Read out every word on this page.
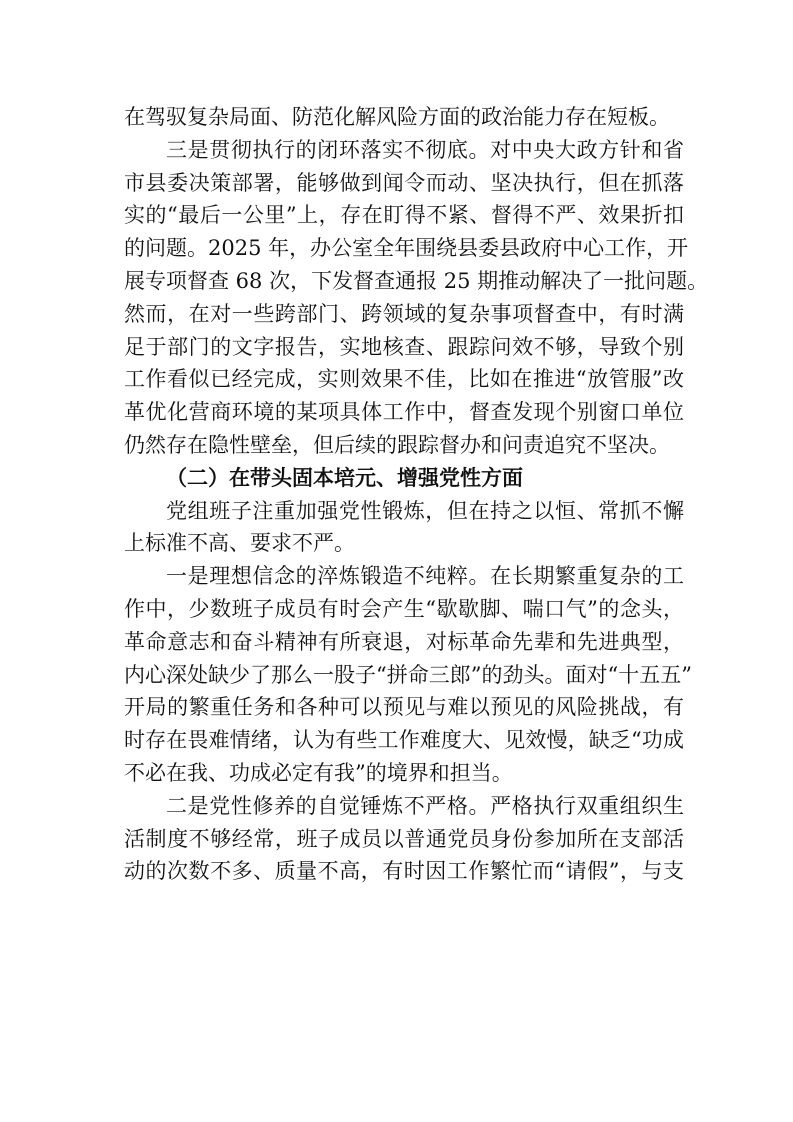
在驾驭复杂局面、防范化解风险方面的政治能力存在短板。
三是贯彻执行的闭环落实不彻底。对中央大政方针和省
市县委决策部署，能够做到闻令而动、坚决执行，但在抓落
实的“最后一公里”上，存在盯得不紧、督得不严、效果折扣
的问题。2025 年，办公室全年围绕县委县政府中心工作，开
展专项督查 68 次，下发督查通报 25 期推动解决了一批问题。
然而，在对一些跨部门、跨领域的复杂事项督查中，有时满
足于部门的文字报告，实地核查、跟踪问效不够，导致个别
工作看似已经完成，实则效果不佳，比如在推进“放管服”改
革优化营商环境的某项具体工作中，督查发现个别窗口单位
仍然存在隐性壁垒，但后续的跟踪督办和问责追究不坚决。
（二）在带头固本培元、增强党性方面
党组班子注重加强党性锻炼，但在持之以恒、常抓不懈
上标准不高、要求不严。
一是理想信念的淬炼锻造不纯粹。在长期繁重复杂的工
作中，少数班子成员有时会产生“歇歇脚、喘口气”的念头，
革命意志和奋斗精神有所衰退，对标革命先辈和先进典型，
内心深处缺少了那么一股子“拼命三郎”的劲头。面对“十五五”
开局的繁重任务和各种可以预见与难以预见的风险挑战，有
时存在畏难情绪，认为有些工作难度大、见效慢，缺乏“功成
不必在我、功成必定有我”的境界和担当。
二是党性修养的自觉锤炼不严格。严格执行双重组织生
活制度不够经常，班子成员以普通党员身份参加所在支部活
动的次数不多、质量不高，有时因工作繁忙而“请假”，与支
